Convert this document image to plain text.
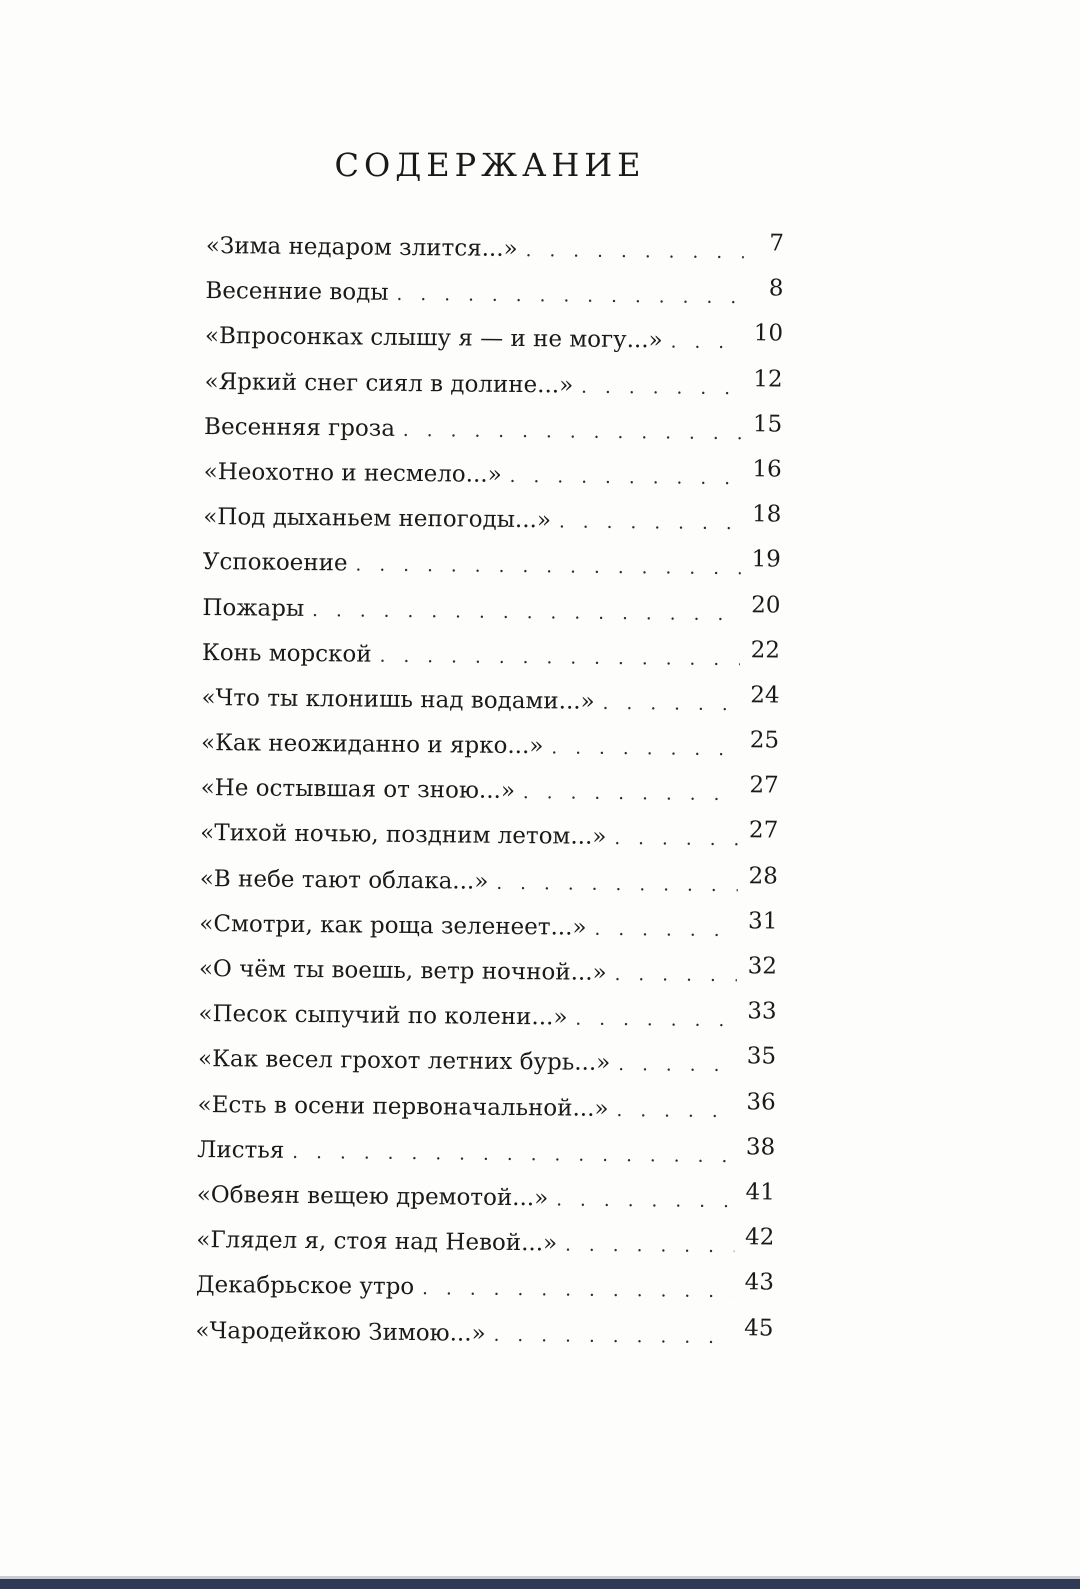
СОДЕРЖАНИЕ
«Зима недаром злится...» . . .	7
Весенние воды . . .	8
«Впросонках слышу я — и не могу...» . . .	10
«Яркий снег сиял в долине...» . . .	12
Весенняя гроза . . .	15
«Неохотно и несмело...» . . .	16
«Под дыханьем непогоды...» . . .	18
Успокоение . . .	19
Пожары . . .	20
Конь морской . . .	22
«Что ты клонишь над водами...» . . .	24
«Как неожиданно и ярко...» . . .	25
«Не остывшая от зною...» . . .	27
«Тихой ночью, поздним летом...» . . .	27
«В небе тают облака...» . . .	28
«Смотри, как роща зеленеет...» . . .	31
«О чём ты воешь, ветр ночной...» . . .	32
«Песок сыпучий по колени...» . . .	33
«Как весел грохот летних бурь...» . . .	35
«Есть в осени первоначальной...» . . .	36
Листья . . .	38
«Обвеян вещею дремотой...» . . .	41
«Глядел я, стоя над Невой...» . . .	42
Декабрьское утро . . .	43
«Чародейкою Зимою...» . . .	45
